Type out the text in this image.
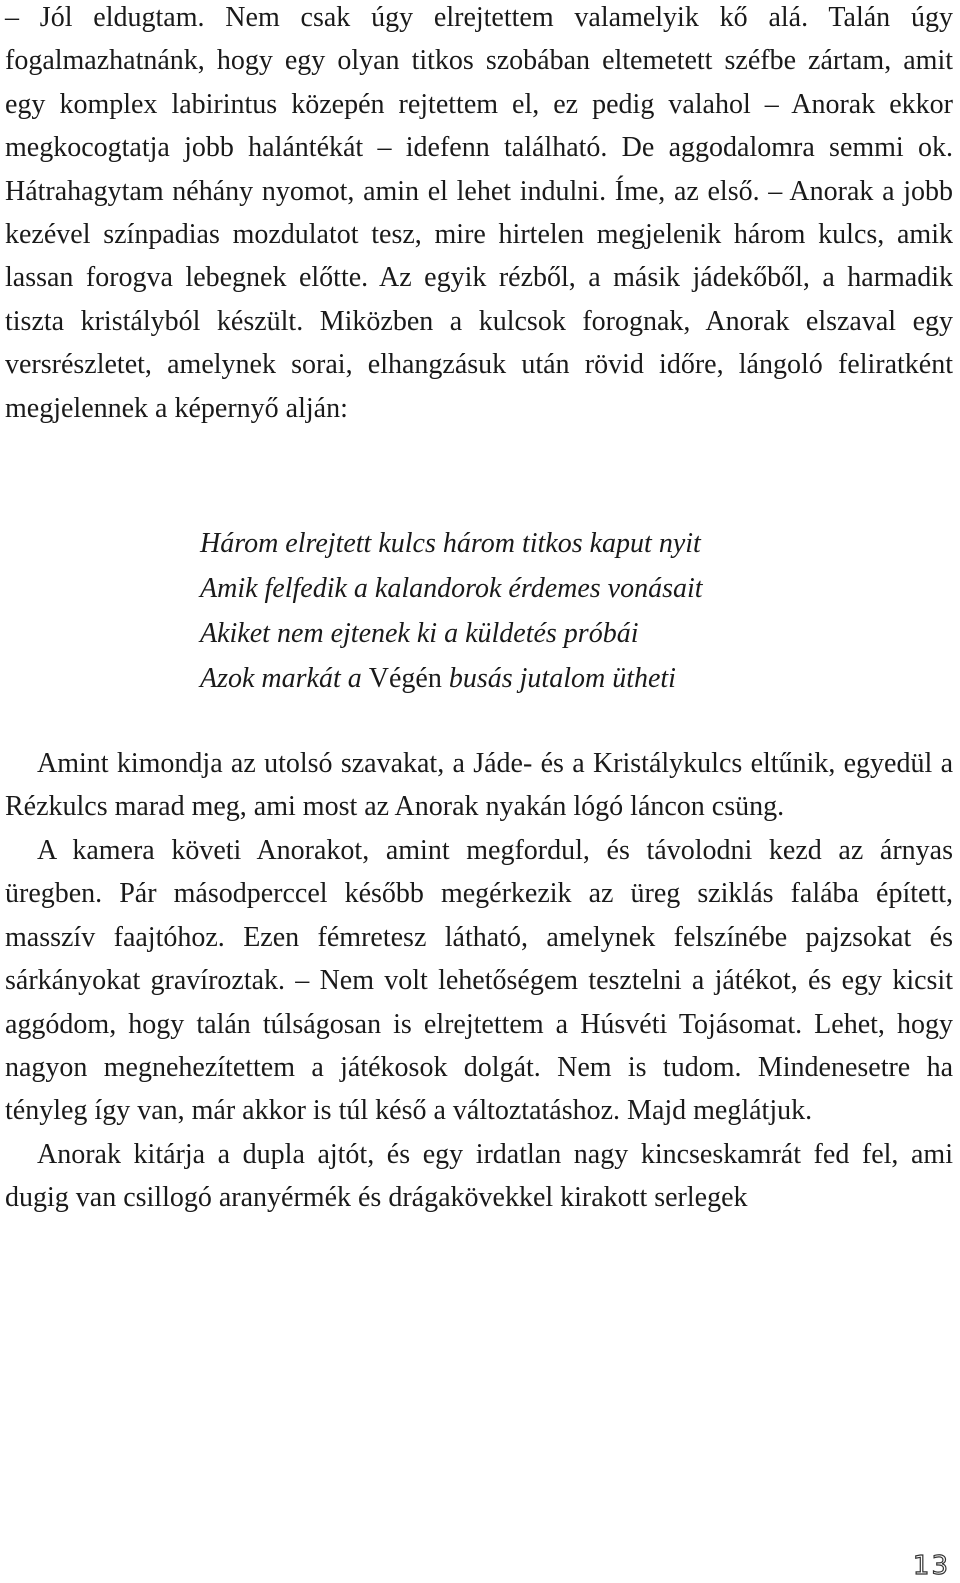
– Jól eldugtam. Nem csak úgy elrejtettem valamelyik kő alá. Talán úgy fogalmazhatnánk, hogy egy olyan titkos szobában eltemetett széfbe zártam, amit egy komplex labirintus közepén rejtettem el, ez pedig valahol – Anorak ekkor megkocogtatja jobb halántékát – idefenn található. De aggodalomra semmi ok. Hátrahagytam néhány nyomot, amin el lehet indulni. Íme, az első. – Anorak a jobb kezével színpadias mozdulatot tesz, mire hirtelen megjelenik három kulcs, amik lassan forogva lebegnek előtte. Az egyik rézből, a másik jádekőből, a harmadik tiszta kristályból készült. Miközben a kulcsok forognak, Anorak elszaval egy versrészletet, amelynek sorai, elhangzásuk után rövid időre, lángoló feliratként megjelennek a képernyő alján:

Három elrejtett kulcs három titkos kaput nyit
Amik felfedik a kalandorok érdemes vonásait
Akiket nem ejtenek ki a küldetés próbái
Azok markát a Végén busás jutalom ütheti

Amint kimondja az utolsó szavakat, a Jáde- és a Kristálykulcs eltűnik, egyedül a Rézkulcs marad meg, ami most az Anorak nyakán lógó láncon csüng.

A kamera követi Anorakot, amint megfordul, és távolodni kezd az árnyas üregben. Pár másodperccel később megérkezik az üreg sziklás falába épített, masszív faajtóhoz. Ezen fémretesz látható, amelynek felszínébe pajzsokat és sárkányokat gravíroztak. – Nem volt lehetőségem tesztelni a játékot, és egy kicsit aggódom, hogy talán túlságosan is elrejtettem a Húsvéti Tojásomat. Lehet, hogy nagyon megnehezítettem a játékosok dolgát. Nem is tudom. Mindenesetre ha tényleg így van, már akkor is túl késő a változtatáshoz. Majd meglátjuk.

Anorak kitárja a dupla ajtót, és egy irdatlan nagy kincseskamrát fed fel, ami dugig van csillogó aranyérmék és drágakövekkel kirakott serlegek

13
